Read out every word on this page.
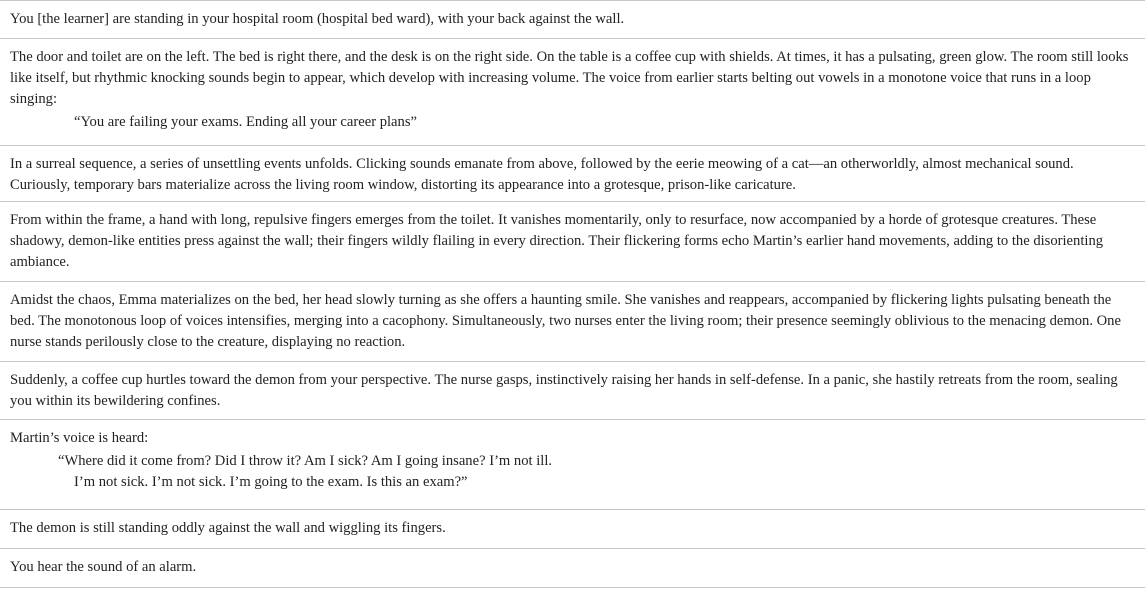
You [the learner] are standing in your hospital room (hospital bed ward), with your back against the wall.

The door and toilet are on the left. The bed is right there, and the desk is on the right side. On the table is a coffee cup with shields. At times, it has a pulsating, green glow. The room still looks like itself, but rhythmic knocking sounds begin to appear, which develop with increasing volume. The voice from earlier starts belting out vowels in a monotone voice that runs in a loop singing:

“You are failing your exams. Ending all your career plans”

In a surreal sequence, a series of unsettling events unfolds. Clicking sounds emanate from above, followed by the eerie meowing of a cat—an otherworldly, almost mechanical sound. Curiously, temporary bars materialize across the living room window, distorting its appearance into a grotesque, prison-like caricature.

From within the frame, a hand with long, repulsive fingers emerges from the toilet. It vanishes momentarily, only to resurface, now accompanied by a horde of grotesque creatures. These shadowy, demon-like entities press against the wall; their fingers wildly flailing in every direction. Their flickering forms echo Martin’s earlier hand movements, adding to the disorienting ambiance.

Amidst the chaos, Emma materializes on the bed, her head slowly turning as she offers a haunting smile. She vanishes and reappears, accompanied by flickering lights pulsating beneath the bed. The monotonous loop of voices intensifies, merging into a cacophony. Simultaneously, two nurses enter the living room; their presence seemingly oblivious to the menacing demon. One nurse stands perilously close to the creature, displaying no reaction.

Suddenly, a coffee cup hurtles toward the demon from your perspective. The nurse gasps, instinctively raising her hands in self-defense. In a panic, she hastily retreats from the room, sealing you within its bewildering confines.

Martin’s voice is heard:

“Where did it come from? Did I throw it? Am I sick? Am I going insane? I’m not ill.
I’m not sick. I’m not sick. I’m going to the exam. Is this an exam?”

The demon is still standing oddly against the wall and wiggling its fingers.

You hear the sound of an alarm.
